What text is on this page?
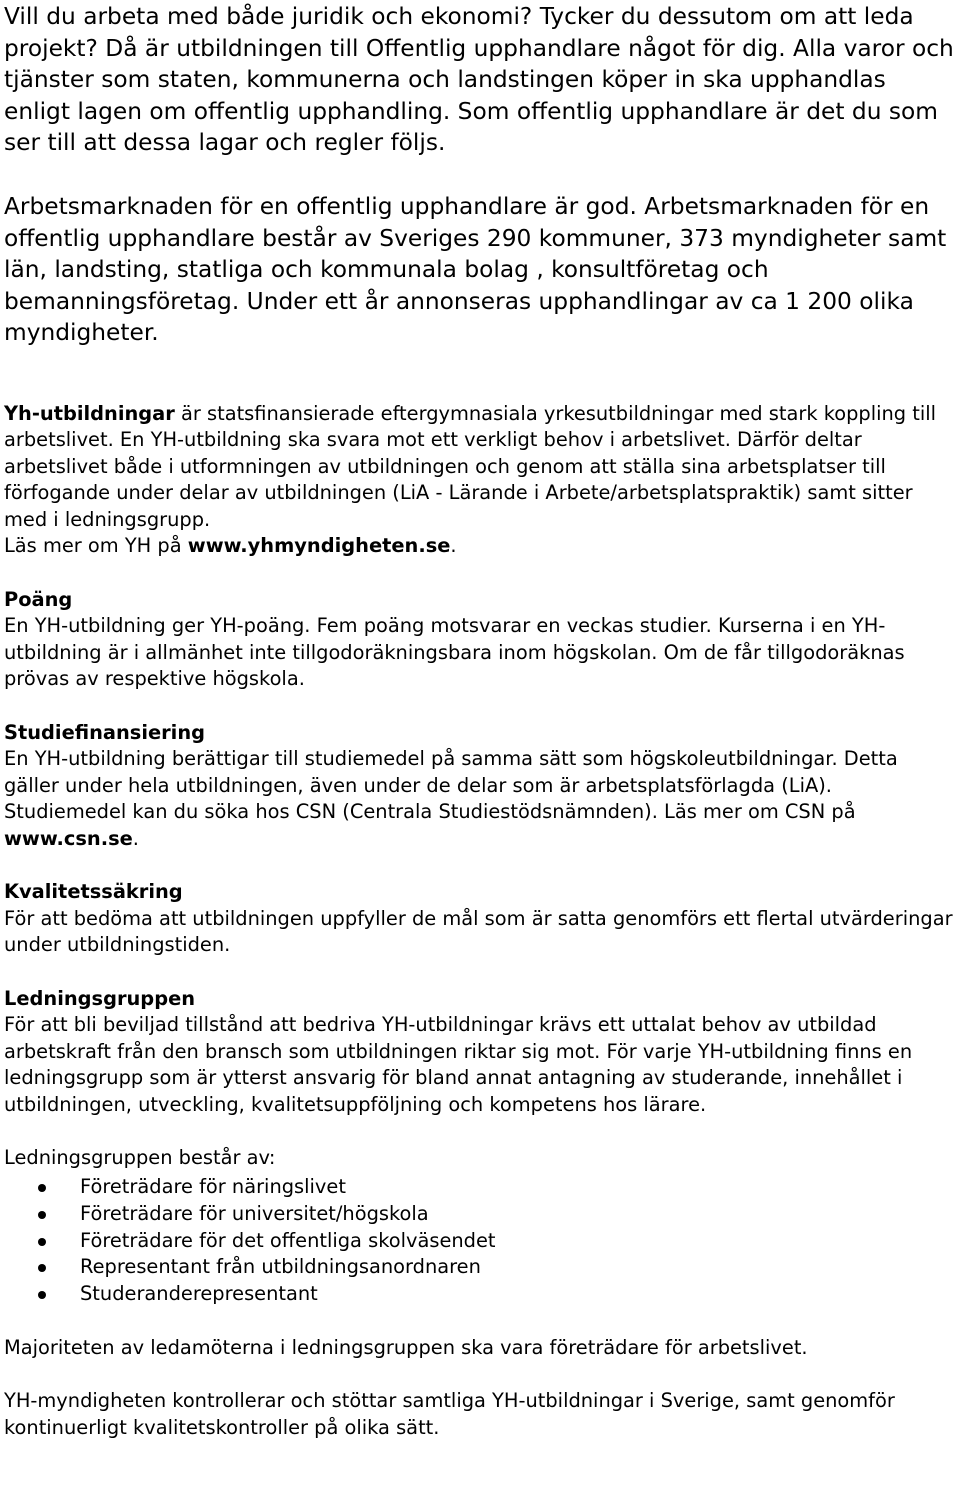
Vill du arbeta med både juridik och ekonomi? Tycker du dessutom om att leda projekt? Då är utbildningen till Offentlig upphandlare något för dig. Alla varor och tjänster som staten, kommunerna och landstingen köper in ska upphandlas enligt lagen om offentlig upphandling. Som offentlig upphandlare är det du som ser till att dessa lagar och regler följs.

Arbetsmarknaden för en offentlig upphandlare är god. Arbetsmarknaden för en offentlig upphandlare består av Sveriges 290 kommuner, 373 myndigheter samt län, landsting, statliga och kommunala bolag , konsultföretag och bemanningsföretag. Under ett år annonseras upphandlingar av ca 1 200 olika myndigheter.

Yh-utbildningar är statsfinansierade eftergymnasiala yrkesutbildningar med stark koppling till arbetslivet. En YH-utbildning ska svara mot ett verkligt behov i arbetslivet. Därför deltar arbetslivet både i utformningen av utbildningen och genom att ställa sina arbetsplatser till förfogande under delar av utbildningen (LiA - Lärande i Arbete/arbetsplatspraktik) samt sitter med i ledningsgrupp.
Läs mer om YH på www.yhmyndigheten.se.

Poäng
En YH-utbildning ger YH-poäng. Fem poäng motsvarar en veckas studier. Kurserna i en YH-utbildning är i allmänhet inte tillgodoräkningsbara inom högskolan. Om de får tillgodoräknas prövas av respektive högskola.

Studiefinansiering
En YH-utbildning berättigar till studiemedel på samma sätt som högskoleutbildningar. Detta gäller under hela utbildningen, även under de delar som är arbetsplatsförlagda (LiA). Studiemedel kan du söka hos CSN (Centrala Studiestödsnämnden). Läs mer om CSN på www.csn.se.

Kvalitetssäkring
För att bedöma att utbildningen uppfyller de mål som är satta genomförs ett flertal utvärderingar under utbildningstiden.

Ledningsgruppen
För att bli beviljad tillstånd att bedriva YH-utbildningar krävs ett uttalat behov av utbildad arbetskraft från den bransch som utbildningen riktar sig mot. För varje YH-utbildning finns en ledningsgrupp som är ytterst ansvarig för bland annat antagning av studerande, innehållet i utbildningen, utveckling, kvalitetsuppföljning och kompetens hos lärare.

Ledningsgruppen består av:

Företrädare för näringslivet
Företrädare för universitet/högskola
Företrädare för det offentliga skolväsendet
Representant från utbildningsanordnaren
Studeranderepresentant

Majoriteten av ledamöterna i ledningsgruppen ska vara företrädare för arbetslivet.

YH-myndigheten kontrollerar och stöttar samtliga YH-utbildningar i Sverige, samt genomför kontinuerligt kvalitetskontroller på olika sätt.
